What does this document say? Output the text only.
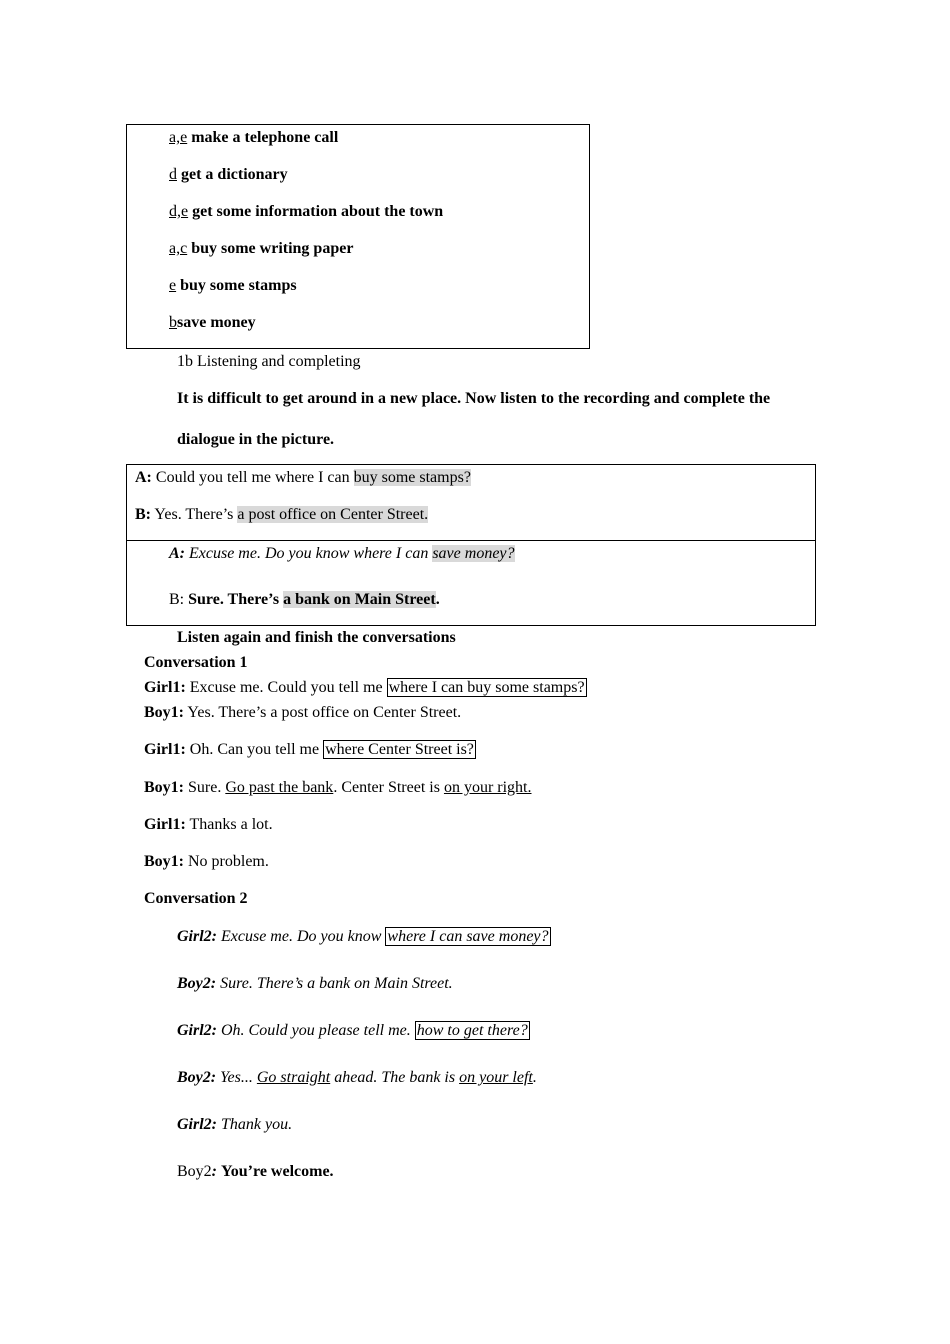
a,e make a telephone call
d get a dictionary
d,e get some information about the town
a,c buy some writing paper
e buy some stamps
bsave money
1b Listening and completing
It is difficult to get around in a new place. Now listen to the recording and complete the
dialogue in the picture.
A: Could you tell me where I can buy some stamps?
B: Yes. There’s a post office on Center Street.
A: Excuse me. Do you know where I can save money?
B: Sure. There’s a bank on Main Street.
Listen again and finish the conversations
Conversation 1
Girl1: Excuse me. Could you tell me where I can buy some stamps?
Boy1: Yes. There’s a post office on Center Street.
Girl1: Oh. Can you tell me where Center Street is?
Boy1: Sure. Go past the bank. Center Street is on your right.
Girl1: Thanks a lot.
Boy1: No problem.
Conversation 2
Girl2: Excuse me. Do you know where I can save money?
Boy2: Sure. There’s a bank on Main Street.
Girl2: Oh. Could you please tell me. how to get there?
Boy2: Yes... Go straight ahead. The bank is on your left.
Girl2: Thank you.
Boy2: You’re welcome.
